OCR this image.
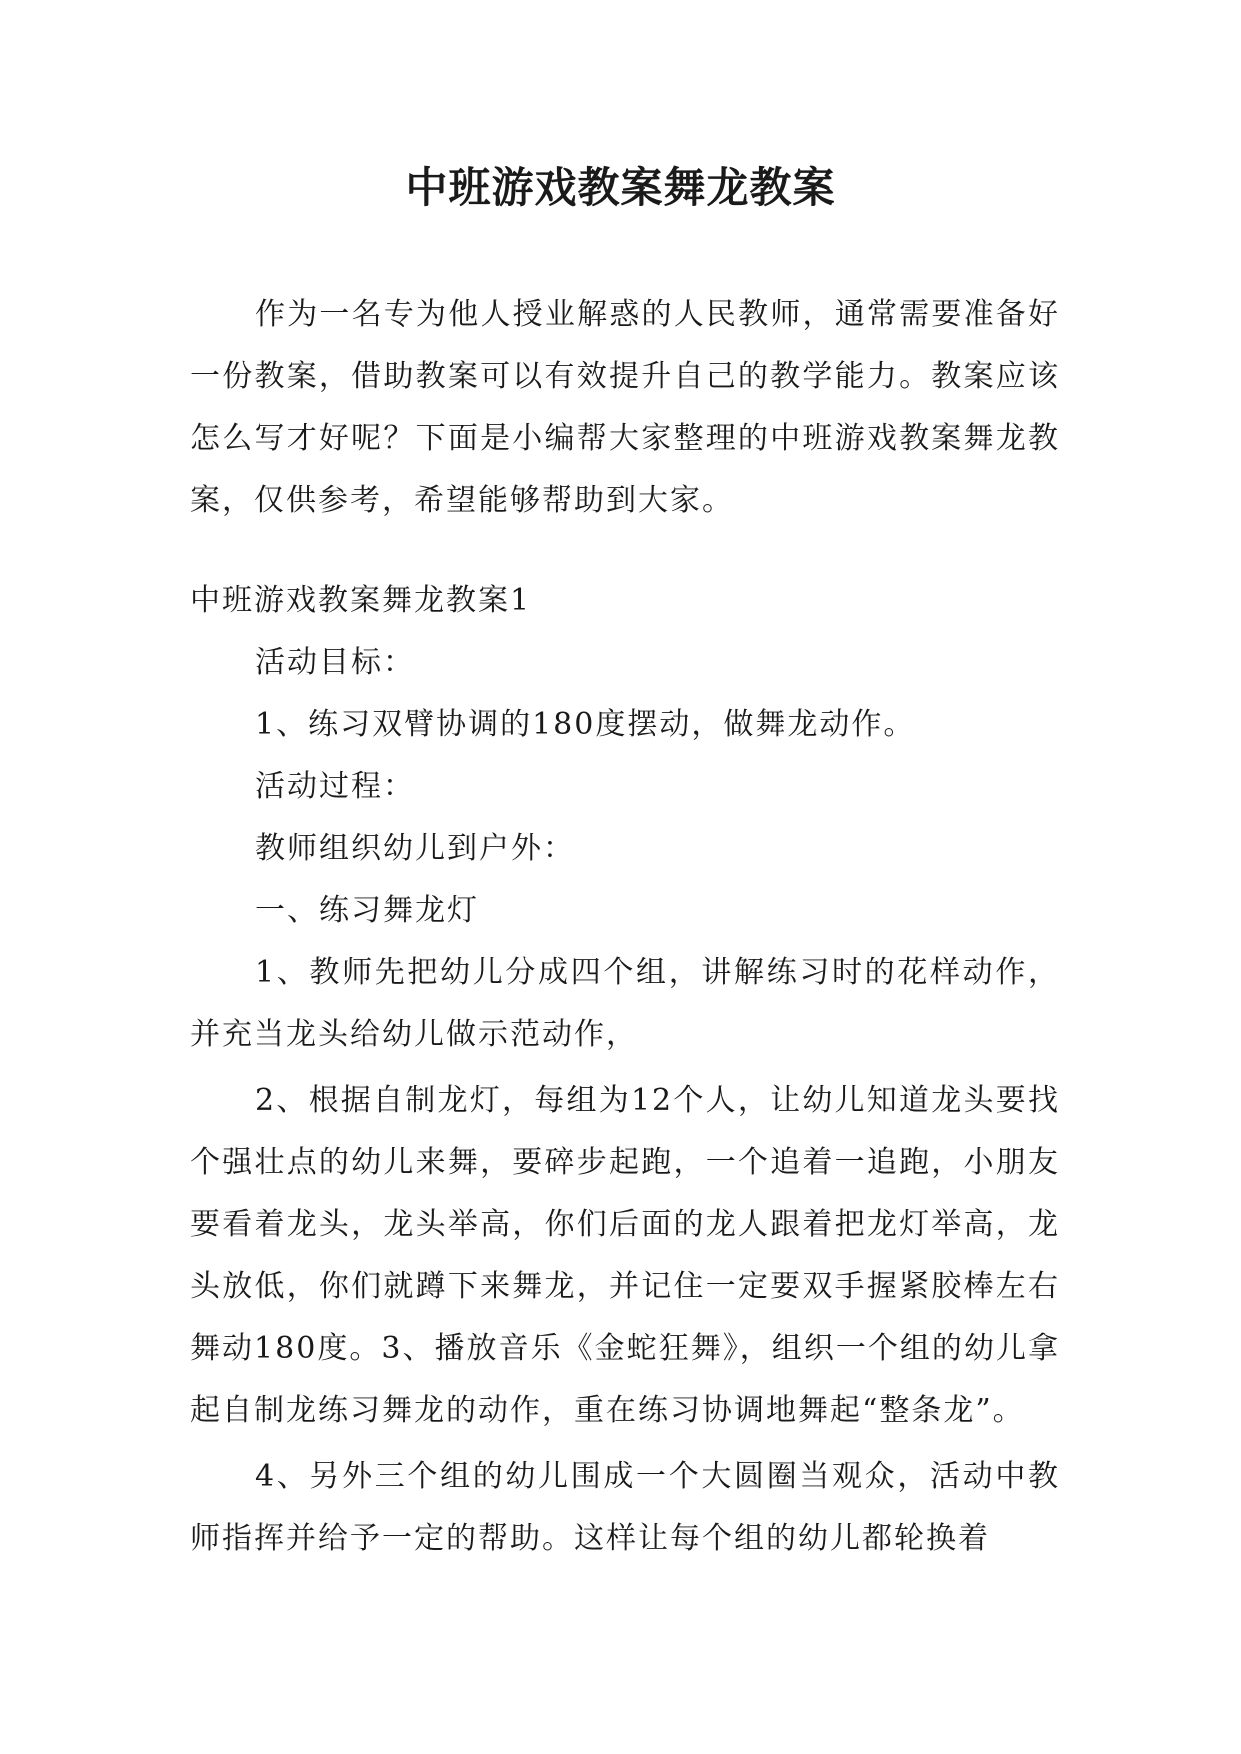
中班游戏教案舞龙教案

作为一名专为他人授业解惑的人民教师，通常需要准备好一份教案，借助教案可以有效提升自己的教学能力。教案应该怎么写才好呢？下面是小编帮大家整理的中班游戏教案舞龙教案，仅供参考，希望能够帮助到大家。

中班游戏教案舞龙教案1

活动目标：

1、练习双臂协调的180度摆动，做舞龙动作。

活动过程：

教师组织幼儿到户外：

一、练习舞龙灯

1、教师先把幼儿分成四个组，讲解练习时的花样动作，并充当龙头给幼儿做示范动作，

2、根据自制龙灯，每组为12个人，让幼儿知道龙头要找个强壮点的幼儿来舞，要碎步起跑，一个追着一追跑，小朋友要看着龙头，龙头举高，你们后面的龙人跟着把龙灯举高，龙头放低，你们就蹲下来舞龙，并记住一定要双手握紧胶棒左右舞动180度。3、播放音乐《金蛇狂舞》，组织一个组的幼儿拿起自制龙练习舞龙的动作，重在练习协调地舞起“整条龙”。

4、另外三个组的幼儿围成一个大圆圈当观众，活动中教师指挥并给予一定的帮助。这样让每个组的幼儿都轮换着
